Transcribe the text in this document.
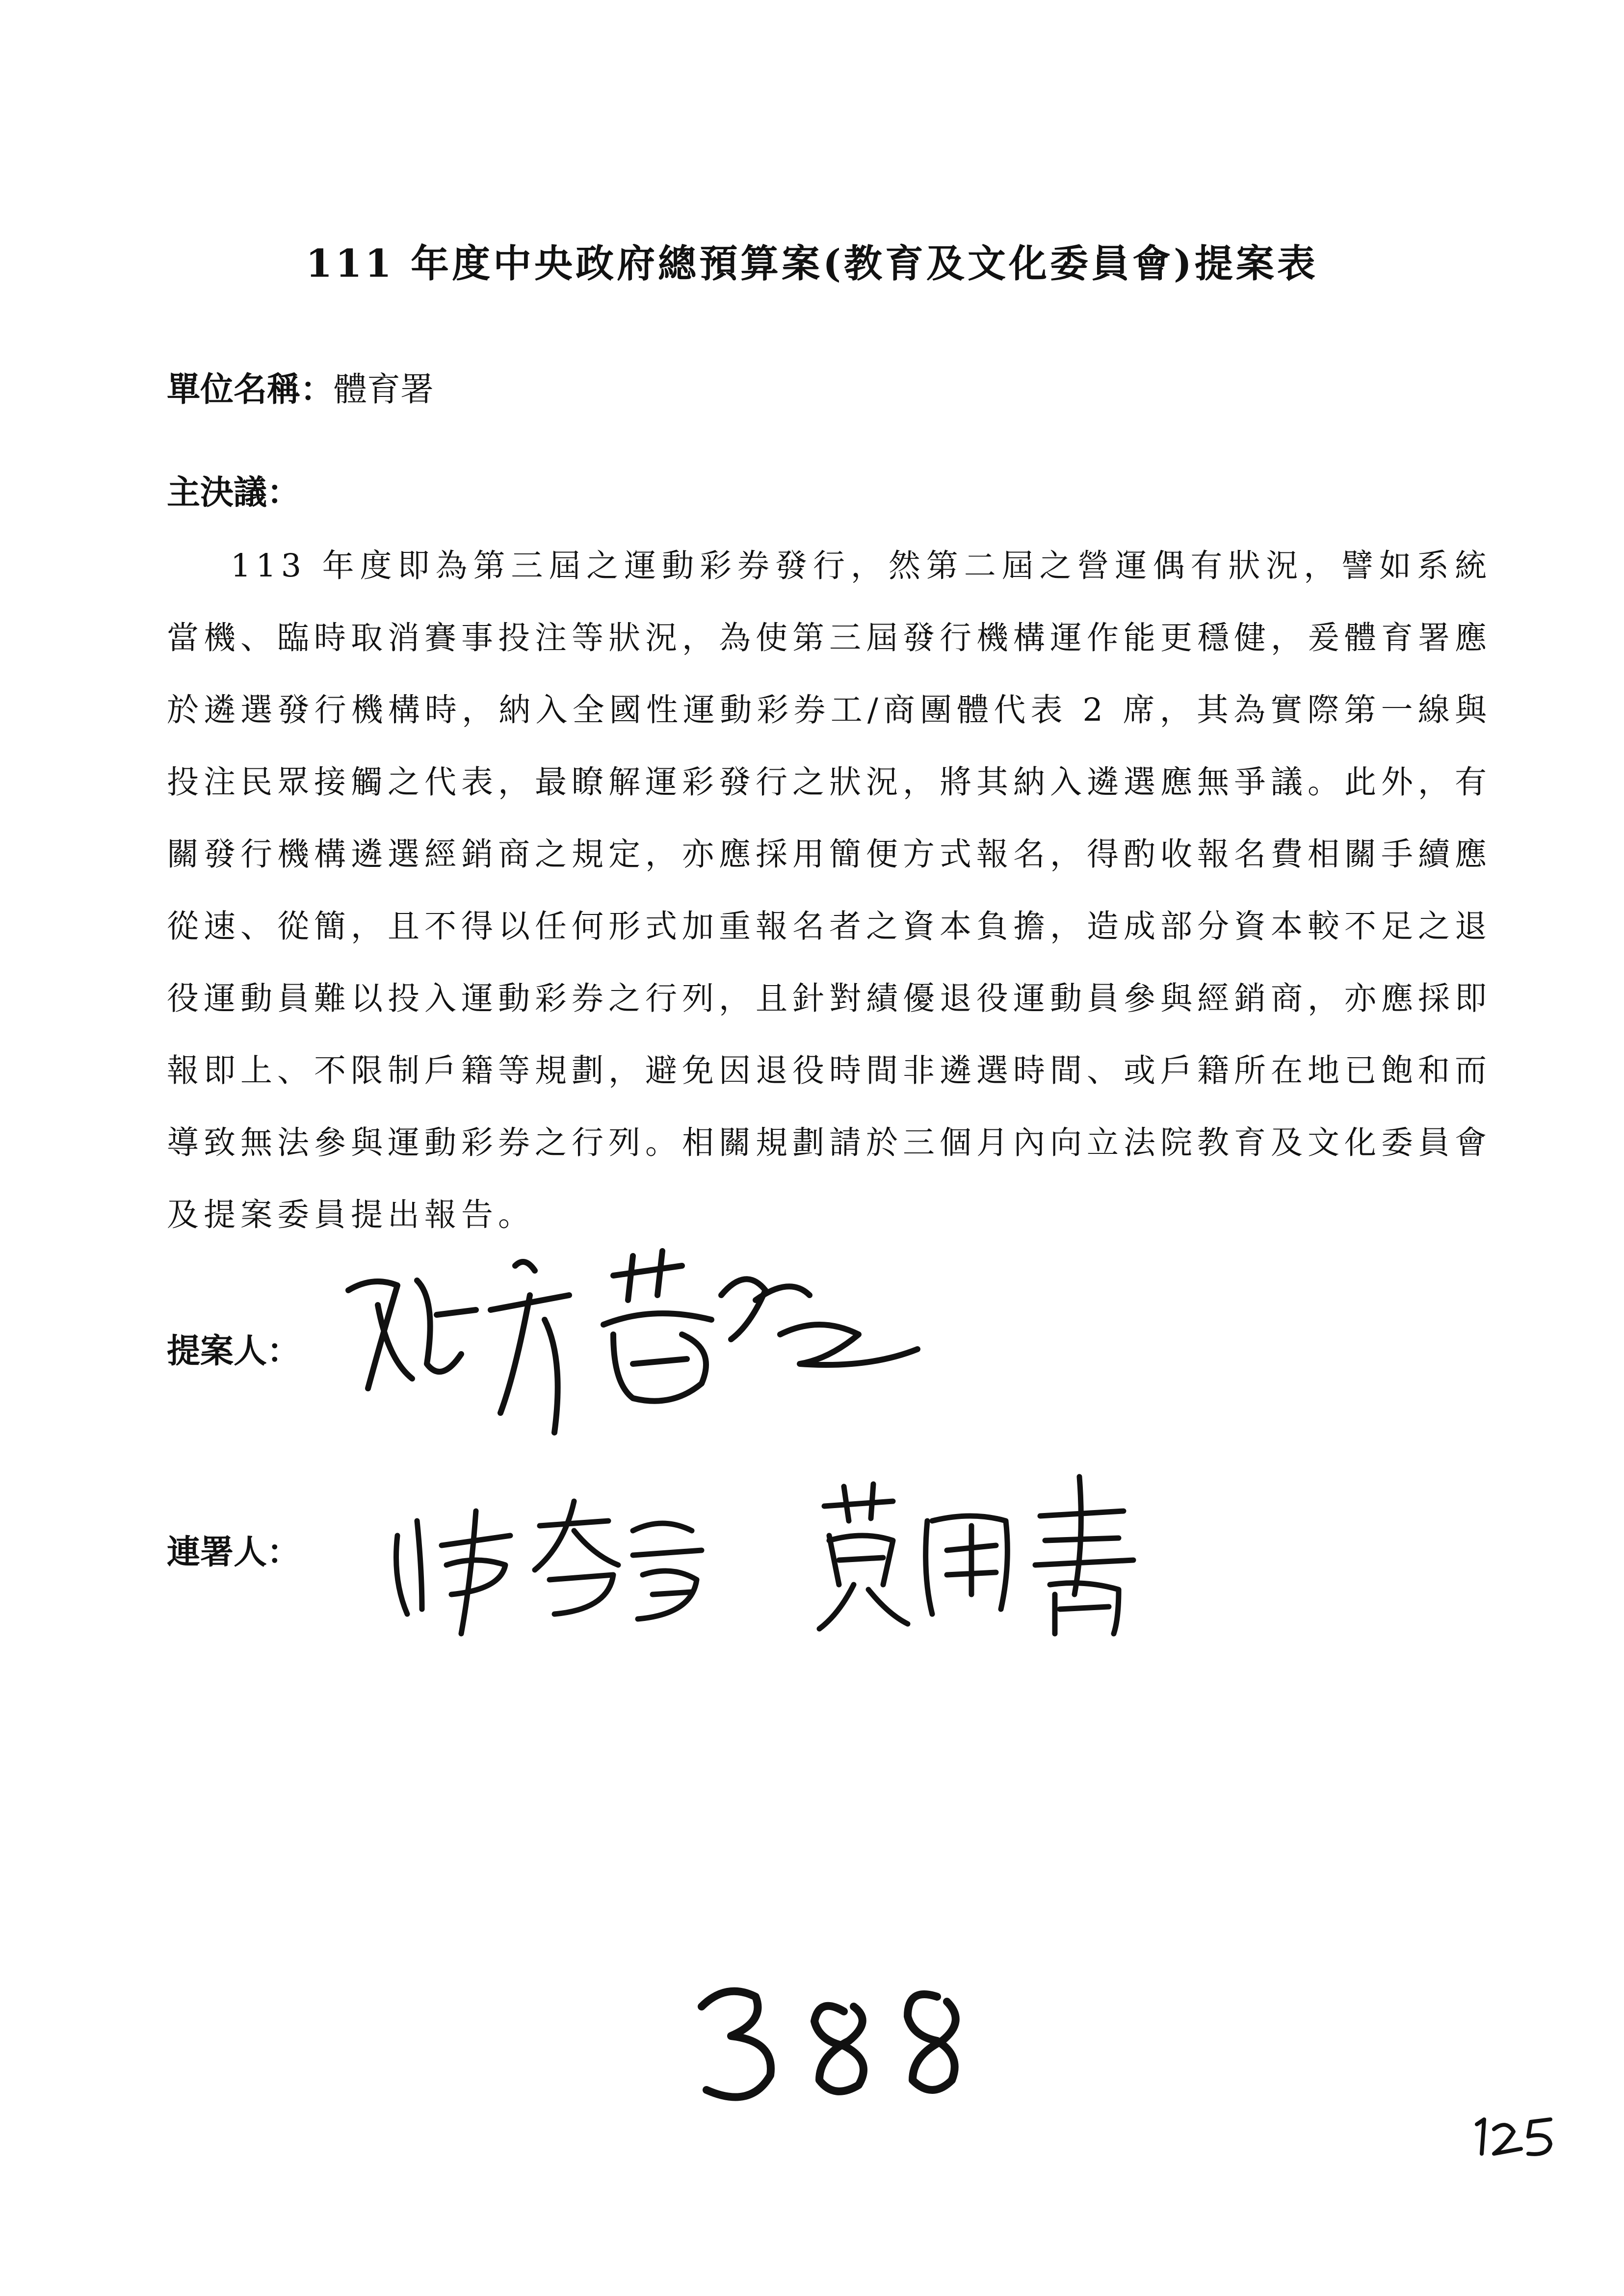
111 年度中央政府總預算案(教育及文化委員會)提案表
單位名稱：體育署
主決議：

113 年度即為第三屆之運動彩券發行，然第二屆之營運偶有狀況，譬如系統當機、臨時取消賽事投注等狀況，為使第三屆發行機構運作能更穩健，爰體育署應於遴選發行機構時，納入全國性運動彩券工/商團體代表 2 席，其為實際第一線與投注民眾接觸之代表，最瞭解運彩發行之狀況，將其納入遴選應無爭議。此外，有關發行機構遴選經銷商之規定，亦應採用簡便方式報名，得酌收報名費相關手續應從速、從簡，且不得以任何形式加重報名者之資本負擔，造成部分資本較不足之退役運動員難以投入運動彩券之行列，且針對績優退役運動員參與經銷商，亦應採即報即上、不限制戶籍等規劃，避免因退役時間非遴選時間、或戶籍所在地已飽和而導致無法參與運動彩券之行列。相關規劃請於三個月內向立法院教育及文化委員會及提案委員提出報告。

提案人：
連署人：
